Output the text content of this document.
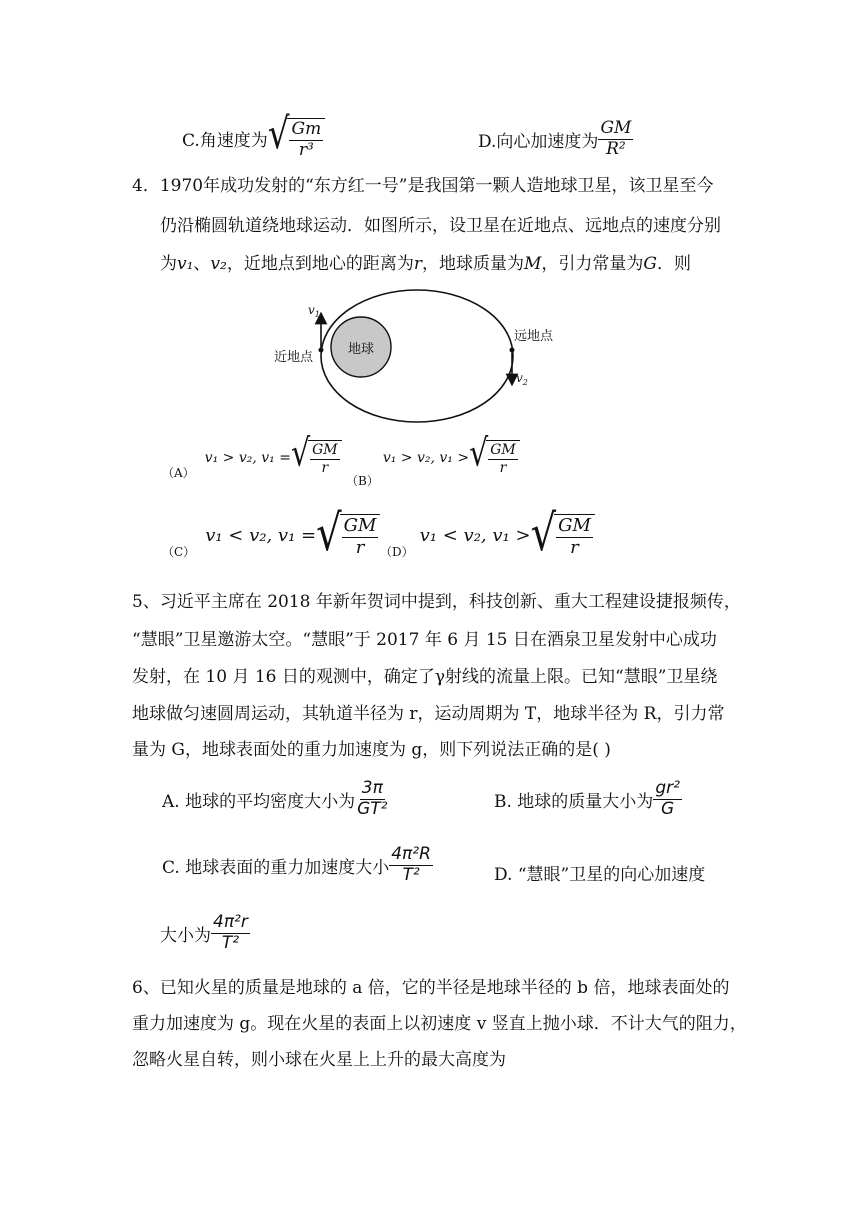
C.角速度为 √ $\frac{Gm}{\text{r³}}$	D.向心加速度为 $\frac{GM}{\text{R²}}$
4．1970年成功发射的“东方红一号”是我国第一颗人造地球卫星，该卫星至今
仍沿椭圆轨道绕地球运动．如图所示，设卫星在近地点、远地点的速度分别
为v₁、v₂，近地点到地心的距离为r，地球质量为M，引力常量为G．则
地球
$v_1$
近地点
$v_2$
远地点
（A）
v₁ > v₂, v₁ = √ $\frac{GM}{r}$
（B）
v₁ > v₂, v₁ > √ $\frac{GM}{r}$
（C）
v₁ < v₂, v₁ = √ $\frac{GM}{r} (D)$
v₁ < v₂, v₁ > √ $\frac{GM}{r}$
5、习近平主席在 2018 年新年贺词中提到，科技创新、重大工程建设捷报频传，
“慧眼”卫星邀游太空。“慧眼”于 2017 年 6 月 15 日在酒泉卫星发射中心成功
发射，在 10 月 16 日的观测中，确定了γ射线的流量上限。已知“慧眼”卫星绕
地球做匀速圆周运动，其轨道半径为 r，运动周期为 T，地球半径为 R，引力常
量为 G，地球表面处的重力加速度为 g，则下列说法正确的是( )
A. 地球的平均密度大小为 $\frac{3\pi}{\text{GT²}}$	B. 地球的质量大小为 $\frac{\text{gr²}}{G}$
C. 地球表面的重力加速度大小 $\frac{\text{4π²R}}{\text{T²}}$	D. “慧眼”卫星的向心加速度
大小为 $\frac{\text{4π²r}}{\text{T²}}$
6、已知火星的质量是地球的 a 倍，它的半径是地球半径的 b 倍，地球表面处的
重力加速度为 g。现在火星的表面上以初速度 v 竖直上抛小球．不计大气的阻力，
忽略火星自转，则小球在火星上上升的最大高度为
